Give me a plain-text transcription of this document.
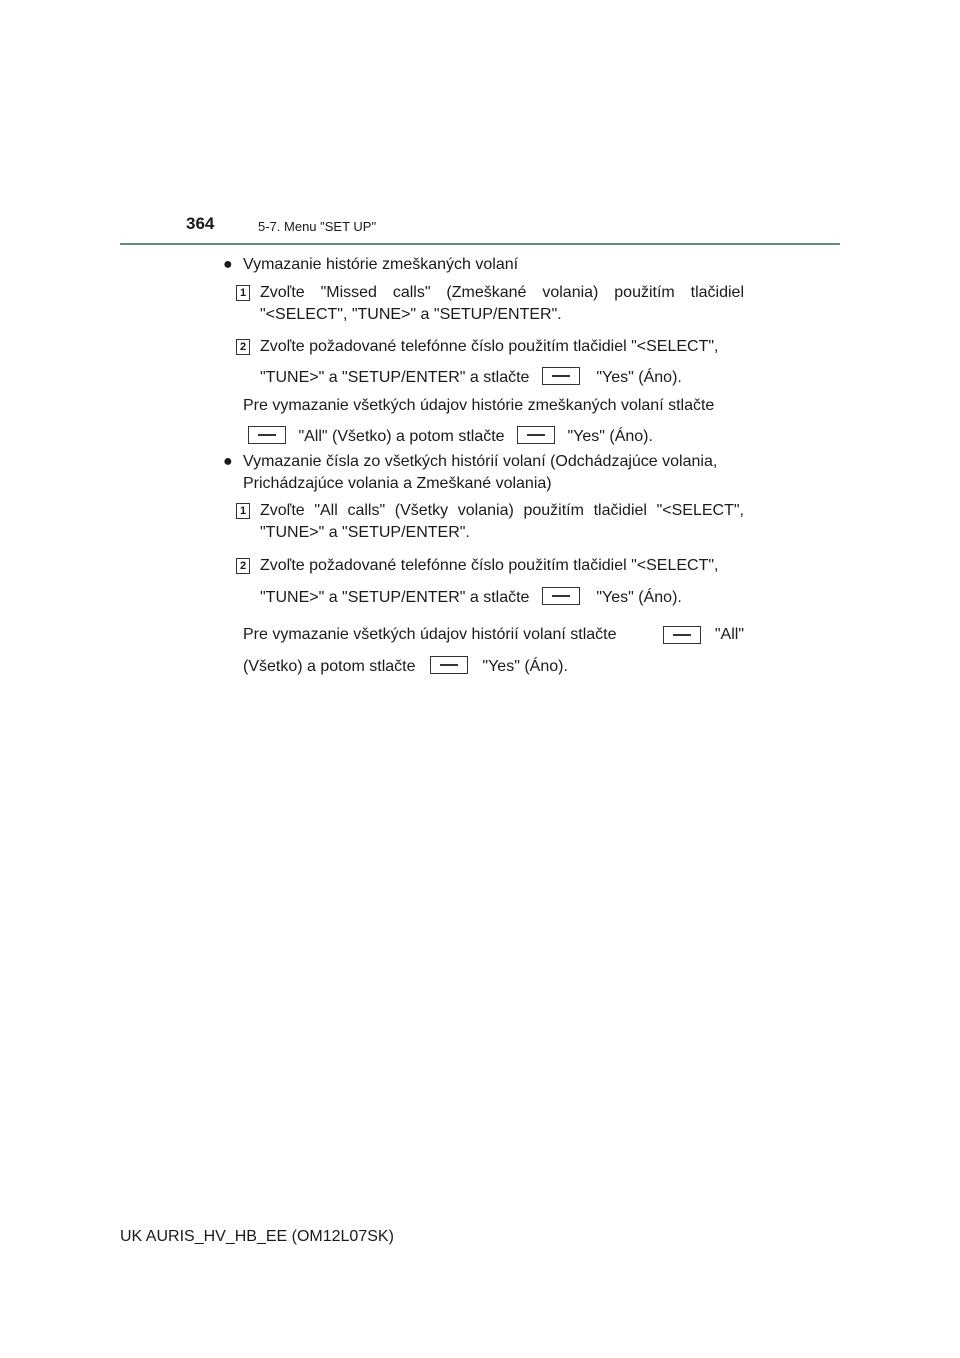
364	5-7. Menu "SET UP"
● Vymazanie histórie zmeškaných volaní
1 Zvoľte "Missed calls" (Zmeškané volania) použitím tlačidiel
"<SELECT", "TUNE>" a "SETUP/ENTER".
2 Zvoľte požadované telefónne číslo použitím tlačidiel "<SELECT",
"TUNE>" a "SETUP/ENTER" a stlačte	"Yes" (Áno).
Pre vymazanie všetkých údajov histórie zmeškaných volaní stlačte
"All" (Všetko) a potom stlačte	"Yes" (Áno).
● Vymazanie čísla zo všetkých histórií volaní (Odchádzajúce volania,
Prichádzajúce volania a Zmeškané volania)
1 Zvoľte "All calls" (Všetky volania) použitím tlačidiel "<SELECT",
"TUNE>" a "SETUP/ENTER".
2 Zvoľte požadované telefónne číslo použitím tlačidiel "<SELECT",
"TUNE>" a "SETUP/ENTER" a stlačte	"Yes" (Áno).
Pre vymazanie všetkých údajov histórií volaní stlačte	"All"
(Všetko) a potom stlačte	"Yes" (Áno).
UK AURIS_HV_HB_EE (OM12L07SK)
